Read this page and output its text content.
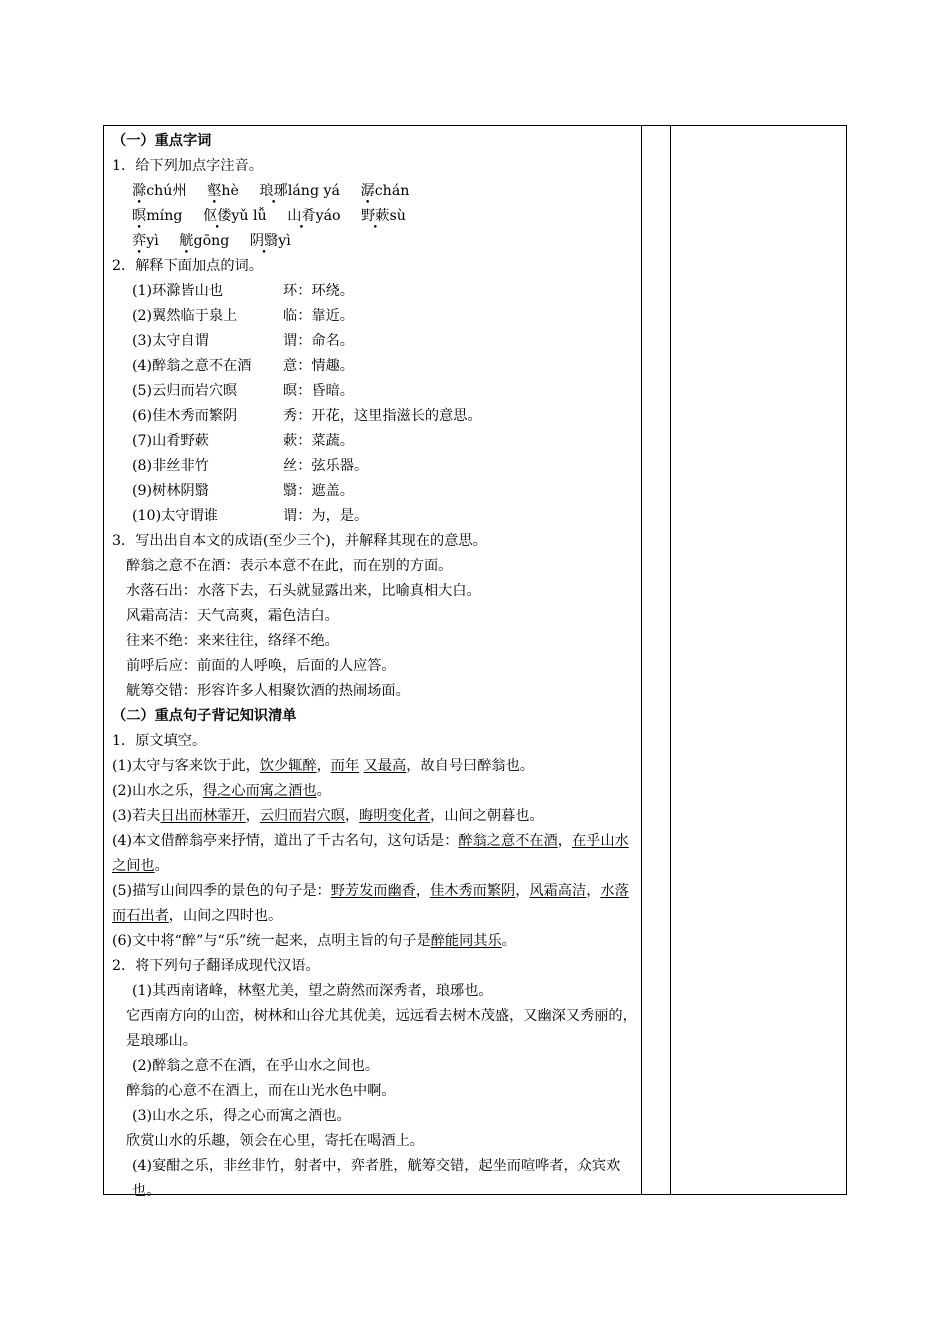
（一）重点字词
1．给下列加点字注音。
滁chú州 壑hè 琅琊láng yá 潺chán
暝míng 伛偻yǔ lǚ 山肴yáo 野蔌sù
弈yì 觥gōng 阴翳yì
2．解释下面加点的词。
(1)环滁皆山也	环：环绕。
(2)翼然临于泉上	临：靠近。
(3)太守自谓	谓：命名。
(4)醉翁之意不在酒 意：情趣。
(5)云归而岩穴暝	暝：昏暗。
(6)佳木秀而繁阴	秀：开花，这里指滋长的意思。
(7)山肴野蔌	蔌：菜蔬。
(8)非丝非竹	丝：弦乐器。
(9)树林阴翳	翳：遮盖。
(10)太守谓谁	谓：为，是。
3．写出出自本文的成语(至少三个)，并解释其现在的意思。
醉翁之意不在酒：表示本意不在此，而在别的方面。
水落石出：水落下去，石头就显露出来，比喻真相大白。
风霜高洁：天气高爽，霜色洁白。
往来不绝：来来往往，络绎不绝。
前呼后应：前面的人呼唤，后面的人应答。
觥筹交错：形容许多人相聚饮酒的热闹场面。
（二）重点句子背记知识清单
1．原文填空。
(1)太守与客来饮于此，饮少辄醉，而年 又最高，故自号曰醉翁也。
(2)山水之乐，得之心而寓之酒也。
(3)若夫日出而林霏开，云归而岩穴暝，晦明变化者，山间之朝暮也。
(4)本文借醉翁亭来抒情，道出了千古名句，这句话是：醉翁之意不在酒，在乎山水之间也。
(5)描写山间四季的景色的句子是：野芳发而幽香，佳木秀而繁阴，风霜高洁，水落而石出者，山间之四时也。
(6)文中将“醉”与“乐”统一起来，点明主旨的句子是醉能同其乐。
2．将下列句子翻译成现代汉语。
(1)其西南诸峰，林壑尤美，望之蔚然而深秀者，琅琊也。
它西南方向的山峦，树林和山谷尤其优美，远远看去树木茂盛，又幽深又秀丽的，是琅琊山。
(2)醉翁之意不在酒，在乎山水之间也。
醉翁的心意不在酒上，而在山光水色中啊。
(3)山水之乐，得之心而寓之酒也。
欣赏山水的乐趣，领会在心里，寄托在喝酒上。
(4)宴酣之乐，非丝非竹，射者中，弈者胜，觥筹交错，起坐而喧哗者，众宾欢也。
